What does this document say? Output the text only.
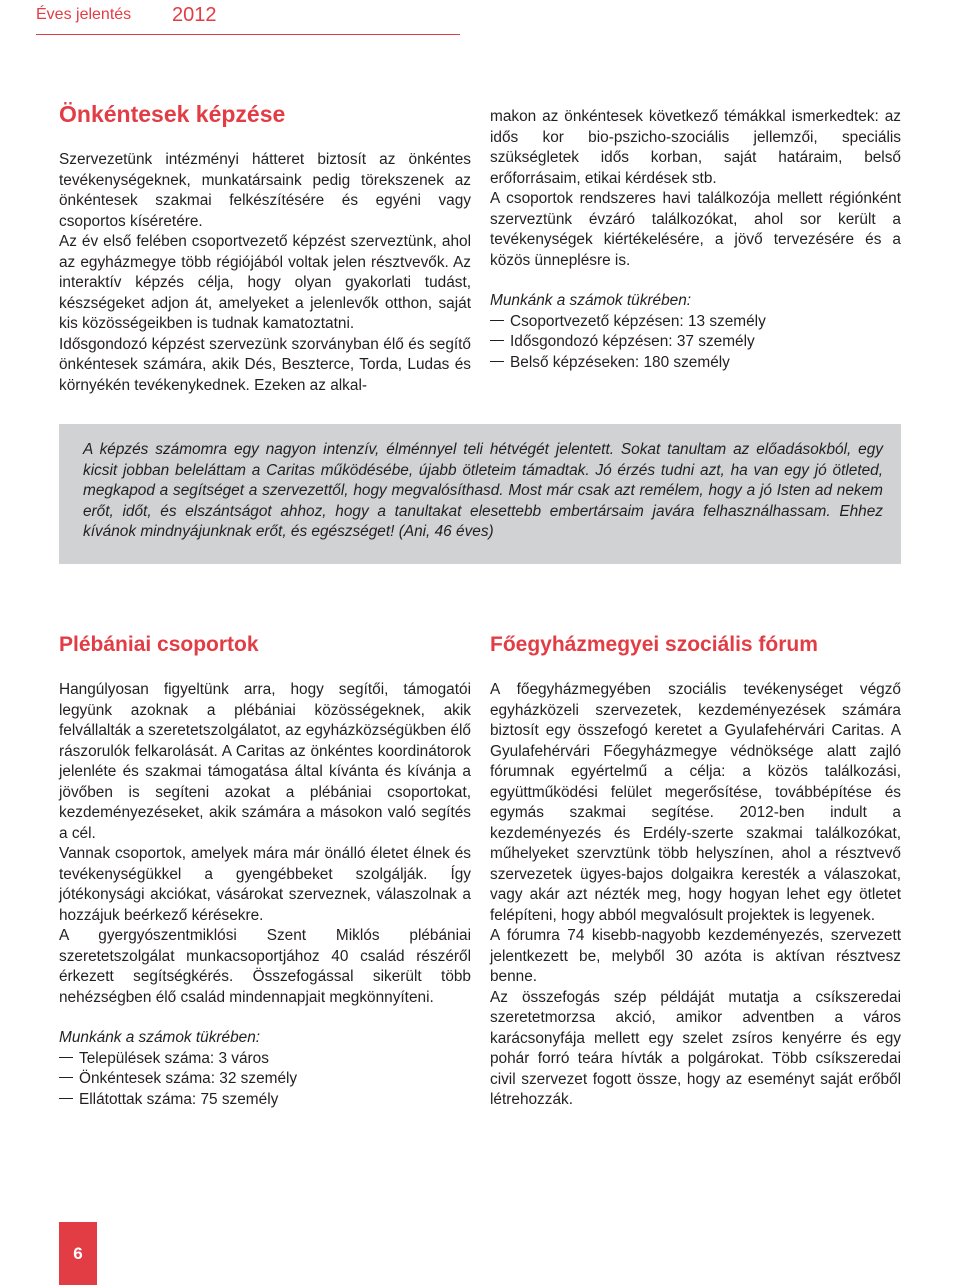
Éves jelentés 2012
Önkéntesek képzése

Szervezetünk intézményi hátteret biztosít az önkéntes tevékenységeknek, munkatársaink pedig törekszenek az önkéntesek szakmai felkészítésére és egyéni vagy csoportos kíséretére.

Az év első felében csoportvezető képzést szerveztünk, ahol az egyházmegye több régiójából voltak jelen résztvevők. Az interaktív képzés célja, hogy olyan gyakorlati tudást, készségeket adjon át, amelyeket a jelenlevők otthon, saját kis közösségeikben is tudnak kamatoztatni.

Idősgondozó képzést szervezünk szorványban élő és segítő önkéntesek számára, akik Dés, Beszterce, Torda, Ludas és környékén tevékenykednek. Ezeken az alkal-

makon az önkéntesek következő témákkal ismerkedtek: az idős kor bio-pszicho-szociális jellemzői, speciális szükségletek idős korban, saját határaim, belső erőforrásaim, etikai kérdések stb.

A csoportok rendszeres havi találkozója mellett régiónként szerveztünk évzáró találkozókat, ahol sor került a tevékenységek kiértékelésére, a jövő tervezésére és a közös ünneplésre is.

Munkánk a számok tükrében:

Csoportvezető képzésen: 13 személy
Idősgondozó képzésen: 37 személy
Belső képzéseken: 180 személy
A képzés számomra egy nagyon intenzív, élménnyel teli hétvégét jelentett. Sokat tanultam az előadásokból, egy kicsit jobban beleláttam a Caritas működésébe, újabb ötleteim támadtak. Jó érzés tudni azt, ha van egy jó ötleted, megkapod a segítséget a szervezettől, hogy megvalósíthasd. Most már csak azt remélem, hogy a jó Isten ad nekem erőt, időt, és elszántságot ahhoz, hogy a tanultakat elesettebb embertársaim javára felhasználhassam. Ehhez kívánok mindnyájunknak erőt, és egészséget! (Ani, 46 éves)
Plébániai csoportok

Hangúlyosan figyeltünk arra, hogy segítői, támogatói legyünk azoknak a plébániai közösségeknek, akik felvállalták a szeretetszolgálatot, az egyházközségükben élő rászorulók felkarolását. A Caritas az önkéntes koordinátorok jelenléte és szakmai támogatása által kívánta és kívánja a jövőben is segíteni azokat a plébániai csoportokat, kezdeményezéseket, akik számára a másokon való segítés a cél.

Vannak csoportok, amelyek mára már önálló életet élnek és tevékenységükkel a gyengébbeket szolgálják. Így jótékonysági akciókat, vásárokat szerveznek, válaszolnak a hozzájuk beérkező kérésekre.

A gyergyószentmiklósi Szent Miklós plébániai szeretetszolgálat munkacsoportjához 40 család részéről érkezett segítségkérés. Összefogással sikerült több nehézségben élő család mindennapjait megkönnyíteni.

Munkánk a számok tükrében:

Települések száma: 3 város
Önkéntesek száma: 32 személy
Ellátottak száma: 75 személy
Főegyházmegyei szociális fórum

A főegyházmegyében szociális tevékenységet végző egyházközeli szervezetek, kezdeményezések számára biztosít egy összefogó keretet a Gyulafehérvári Caritas. A Gyulafehérvári Főegyházmegye védnöksége alatt zajló fórumnak egyértelmű a célja: a közös találkozási, együttműködési felület megerősítése, továbbépítése és egymás szakmai segítése. 2012-ben indult a kezdeményezés és Erdély-szerte szakmai találkozókat, műhelyeket szervztünk több helyszínen, ahol a résztvevő szervezetek ügyes-bajos dolgaikra keresték a válaszokat, vagy akár azt nézték meg, hogy hogyan lehet egy ötletet felépíteni, hogy abból megvalósult projektek is legyenek.

A fórumra 74 kisebb-nagyobb kezdeményezés, szervezett jelentkezett be, melyből 30 azóta is aktívan résztvesz benne.

Az összefogás szép példáját mutatja a csíkszeredai szeretetmorzsa akció, amikor adventben a város karácsonyfája mellett egy szelet zsíros kenyérre és egy pohár forró teára hívták a polgárokat. Több csíkszeredai civil szervezet fogott össze, hogy az eseményt saját erőből létrehozzák.

6
